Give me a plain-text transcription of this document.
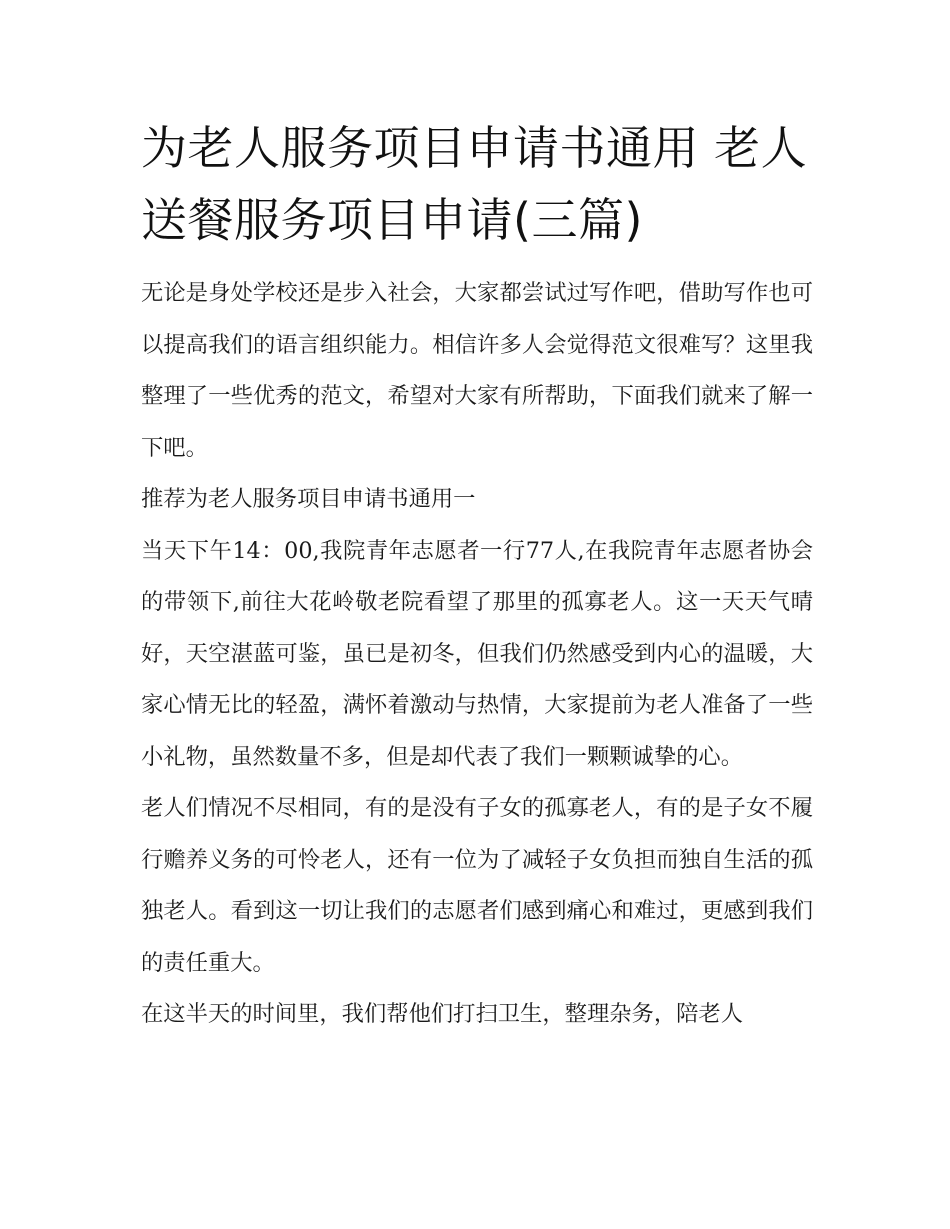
为老人服务项目申请书通用 老人送餐服务项目申请(三篇)

无论是身处学校还是步入社会，大家都尝试过写作吧，借助写作也可以提高我们的语言组织能力。相信许多人会觉得范文很难写？这里我整理了一些优秀的范文，希望对大家有所帮助，下面我们就来了解一下吧。

推荐为老人服务项目申请书通用一

当天下午14：00,我院青年志愿者一行77人,在我院青年志愿者协会的带领下,前往大花岭敬老院看望了那里的孤寡老人。这一天天气晴好，天空湛蓝可鉴，虽已是初冬，但我们仍然感受到内心的温暖，大家心情无比的轻盈，满怀着激动与热情，大家提前为老人准备了一些小礼物，虽然数量不多，但是却代表了我们一颗颗诚挚的心。

老人们情况不尽相同，有的是没有子女的孤寡老人，有的是子女不履行赡养义务的可怜老人，还有一位为了减轻子女负担而独自生活的孤独老人。看到这一切让我们的志愿者们感到痛心和难过，更感到我们的责任重大。

在这半天的时间里，我们帮他们打扫卫生，整理杂务，陪老人
